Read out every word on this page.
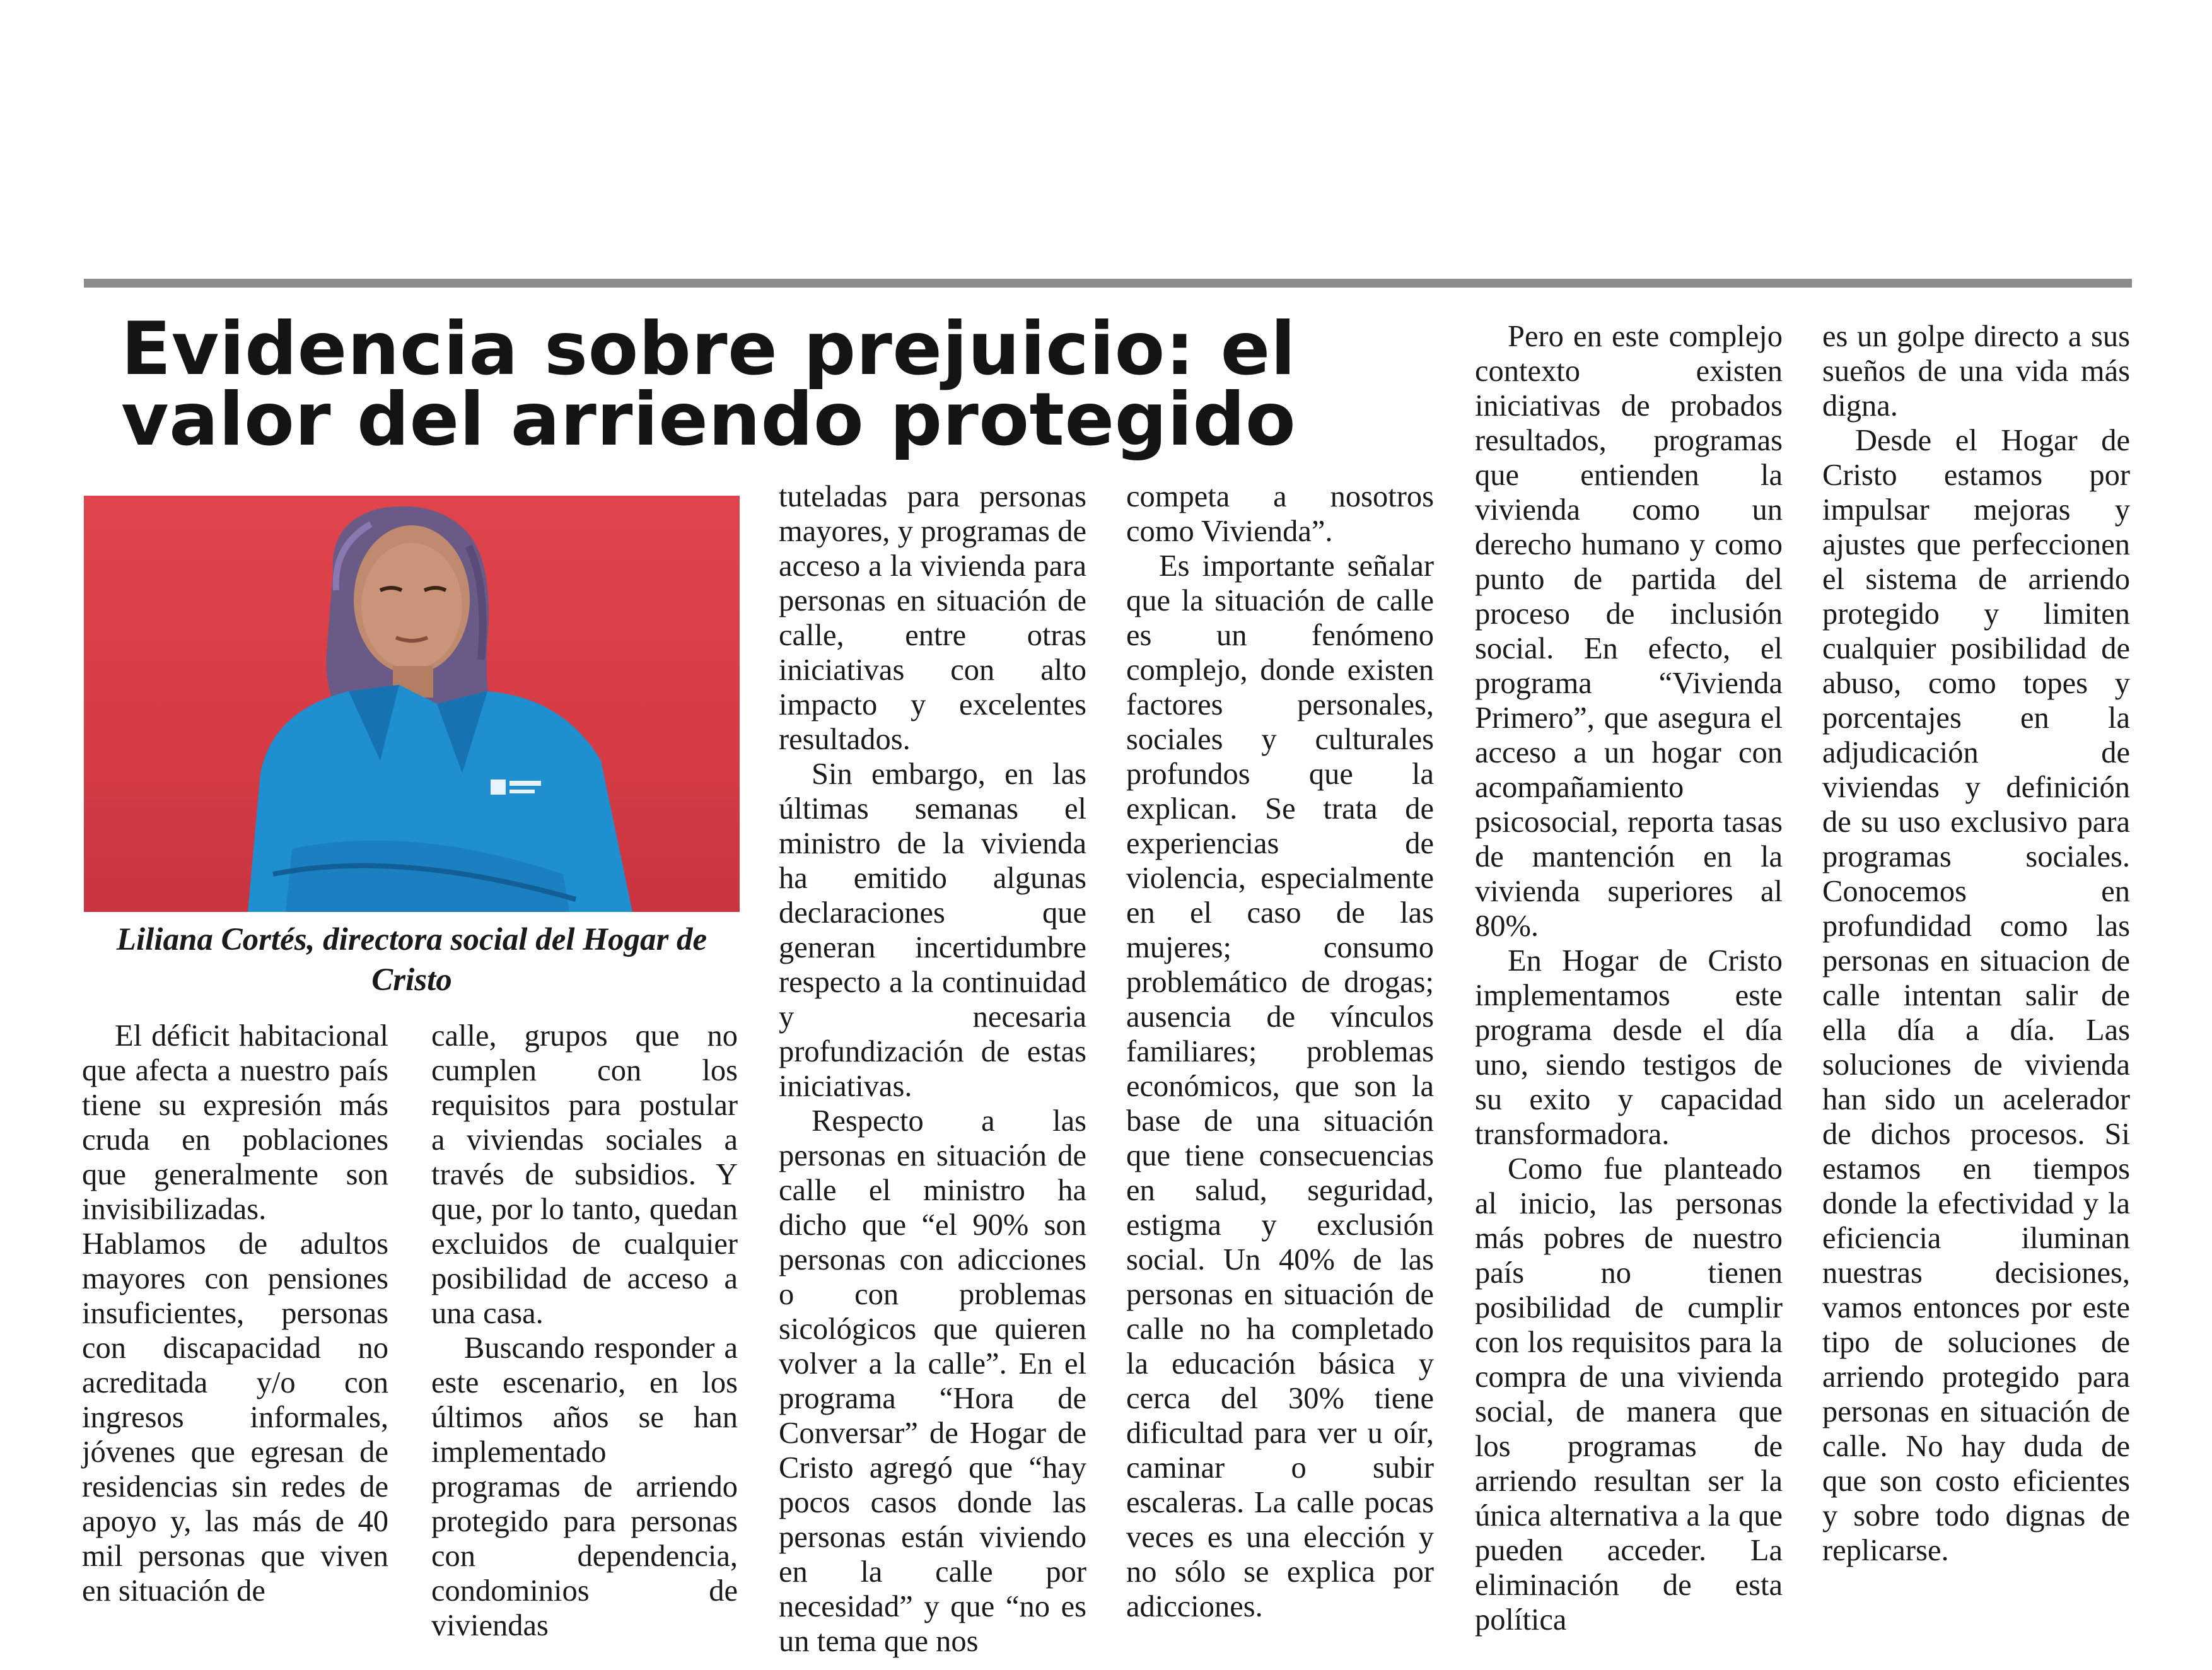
Evidencia sobre prejuicio: el valor del arriendo protegido

Liliana Cortés, directora social del Hogar de Cristo

El déficit habitacional que afecta a nuestro país tiene su expresión más cruda en poblaciones que generalmente son invisibilizadas. Hablamos de adultos mayores con pensiones insuficientes, personas con discapacidad no acreditada y/o con ingresos informales, jóvenes que egresan de residencias sin redes de apoyo y, las más de 40 mil personas que viven en situación de

calle, grupos que no cumplen con los requisitos para postular a viviendas sociales a través de subsidios. Y que, por lo tanto, quedan excluidos de cualquier posibilidad de acceso a una casa.

Buscando responder a este escenario, en los últimos años se han implementado programas de arriendo protegido para personas con dependencia, condominios de viviendas

tuteladas para personas mayores, y programas de acceso a la vivienda para personas en situación de calle, entre otras iniciativas con alto impacto y excelentes resultados.

Sin embargo, en las últimas semanas el ministro de la vivienda ha emitido algunas declaraciones que generan incertidumbre respecto a la continuidad y necesaria profundización de estas iniciativas.

Respecto a las personas en situación de calle el ministro ha dicho que “el 90% son personas con adicciones o con problemas sicológicos que quieren volver a la calle”. En el programa “Hora de Conversar” de Hogar de Cristo agregó que “hay pocos casos donde las personas están viviendo en la calle por necesidad” y que “no es un tema que nos

competa a nosotros como Vivienda”.

Es importante señalar que la situación de calle es un fenómeno complejo, donde existen factores personales, sociales y culturales profundos que la explican. Se trata de experiencias de violencia, especialmente en el caso de las mujeres; consumo problemático de drogas; ausencia de vínculos familiares; problemas económicos, que son la base de una situación que tiene consecuencias en salud, seguridad, estigma y exclusión social. Un 40% de las personas en situación de calle no ha completado la educación básica y cerca del 30% tiene dificultad para ver u oír, caminar o subir escaleras. La calle pocas veces es una elección y no sólo se explica por adicciones.

Pero en este complejo contexto existen iniciativas de probados resultados, programas que entienden la vivienda como un derecho humano y como punto de partida del proceso de inclusión social. En efecto, el programa “Vivienda Primero”, que asegura el acceso a un hogar con acompañamiento psicosocial, reporta tasas de mantención en la vivienda superiores al 80%.

En Hogar de Cristo implementamos este programa desde el día uno, siendo testigos de su exito y capacidad transformadora.

Como fue planteado al inicio, las personas más pobres de nuestro país no tienen posibilidad de cumplir con los requisitos para la compra de una vivienda social, de manera que los programas de arriendo resultan ser la única alternativa a la que pueden acceder. La eliminación de esta política

es un golpe directo a sus sueños de una vida más digna.

Desde el Hogar de Cristo estamos por impulsar mejoras y ajustes que perfeccionen el sistema de arriendo protegido y limiten cualquier posibilidad de abuso, como topes y porcentajes en la adjudicación de viviendas y definición de su uso exclusivo para programas sociales. Conocemos en profundidad como las personas en situacion de calle intentan salir de ella día a día. Las soluciones de vivienda han sido un acelerador de dichos procesos. Si estamos en tiempos donde la efectividad y la eficiencia iluminan nuestras decisiones, vamos entonces por este tipo de soluciones de arriendo protegido para personas en situación de calle. No hay duda de que son costo eficientes y sobre todo dignas de replicarse.
